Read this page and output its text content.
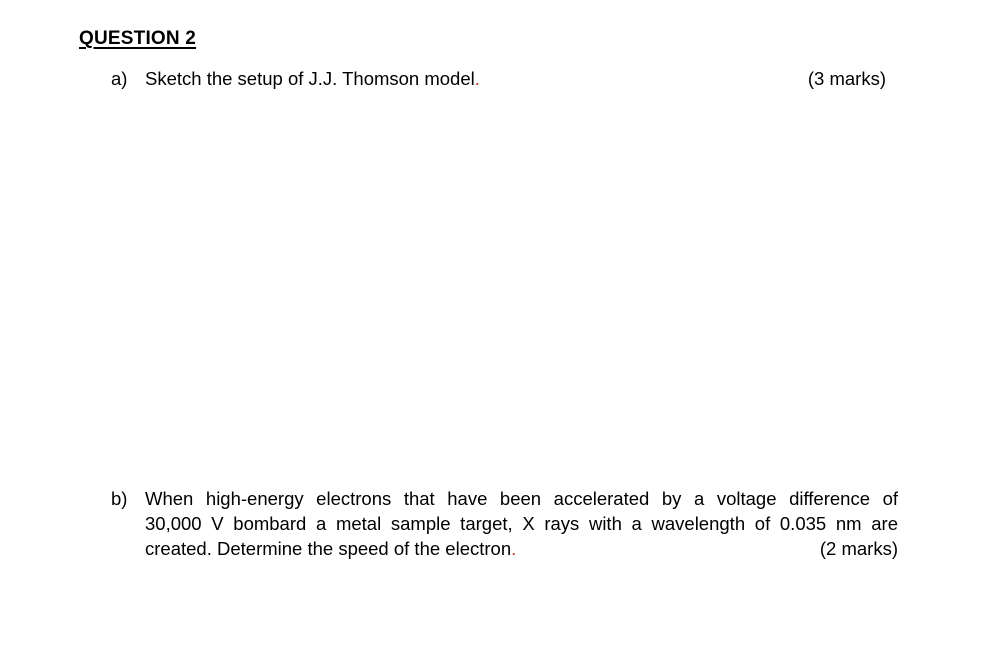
QUESTION 2
a) Sketch the setup of J.J. Thomson model.	(3 marks)
b) When high-energy electrons that have been accelerated by a voltage difference of
30,000 V bombard a metal sample target, X rays with a wavelength of 0.035 nm are
created. Determine the speed of the electron.	(2 marks)
